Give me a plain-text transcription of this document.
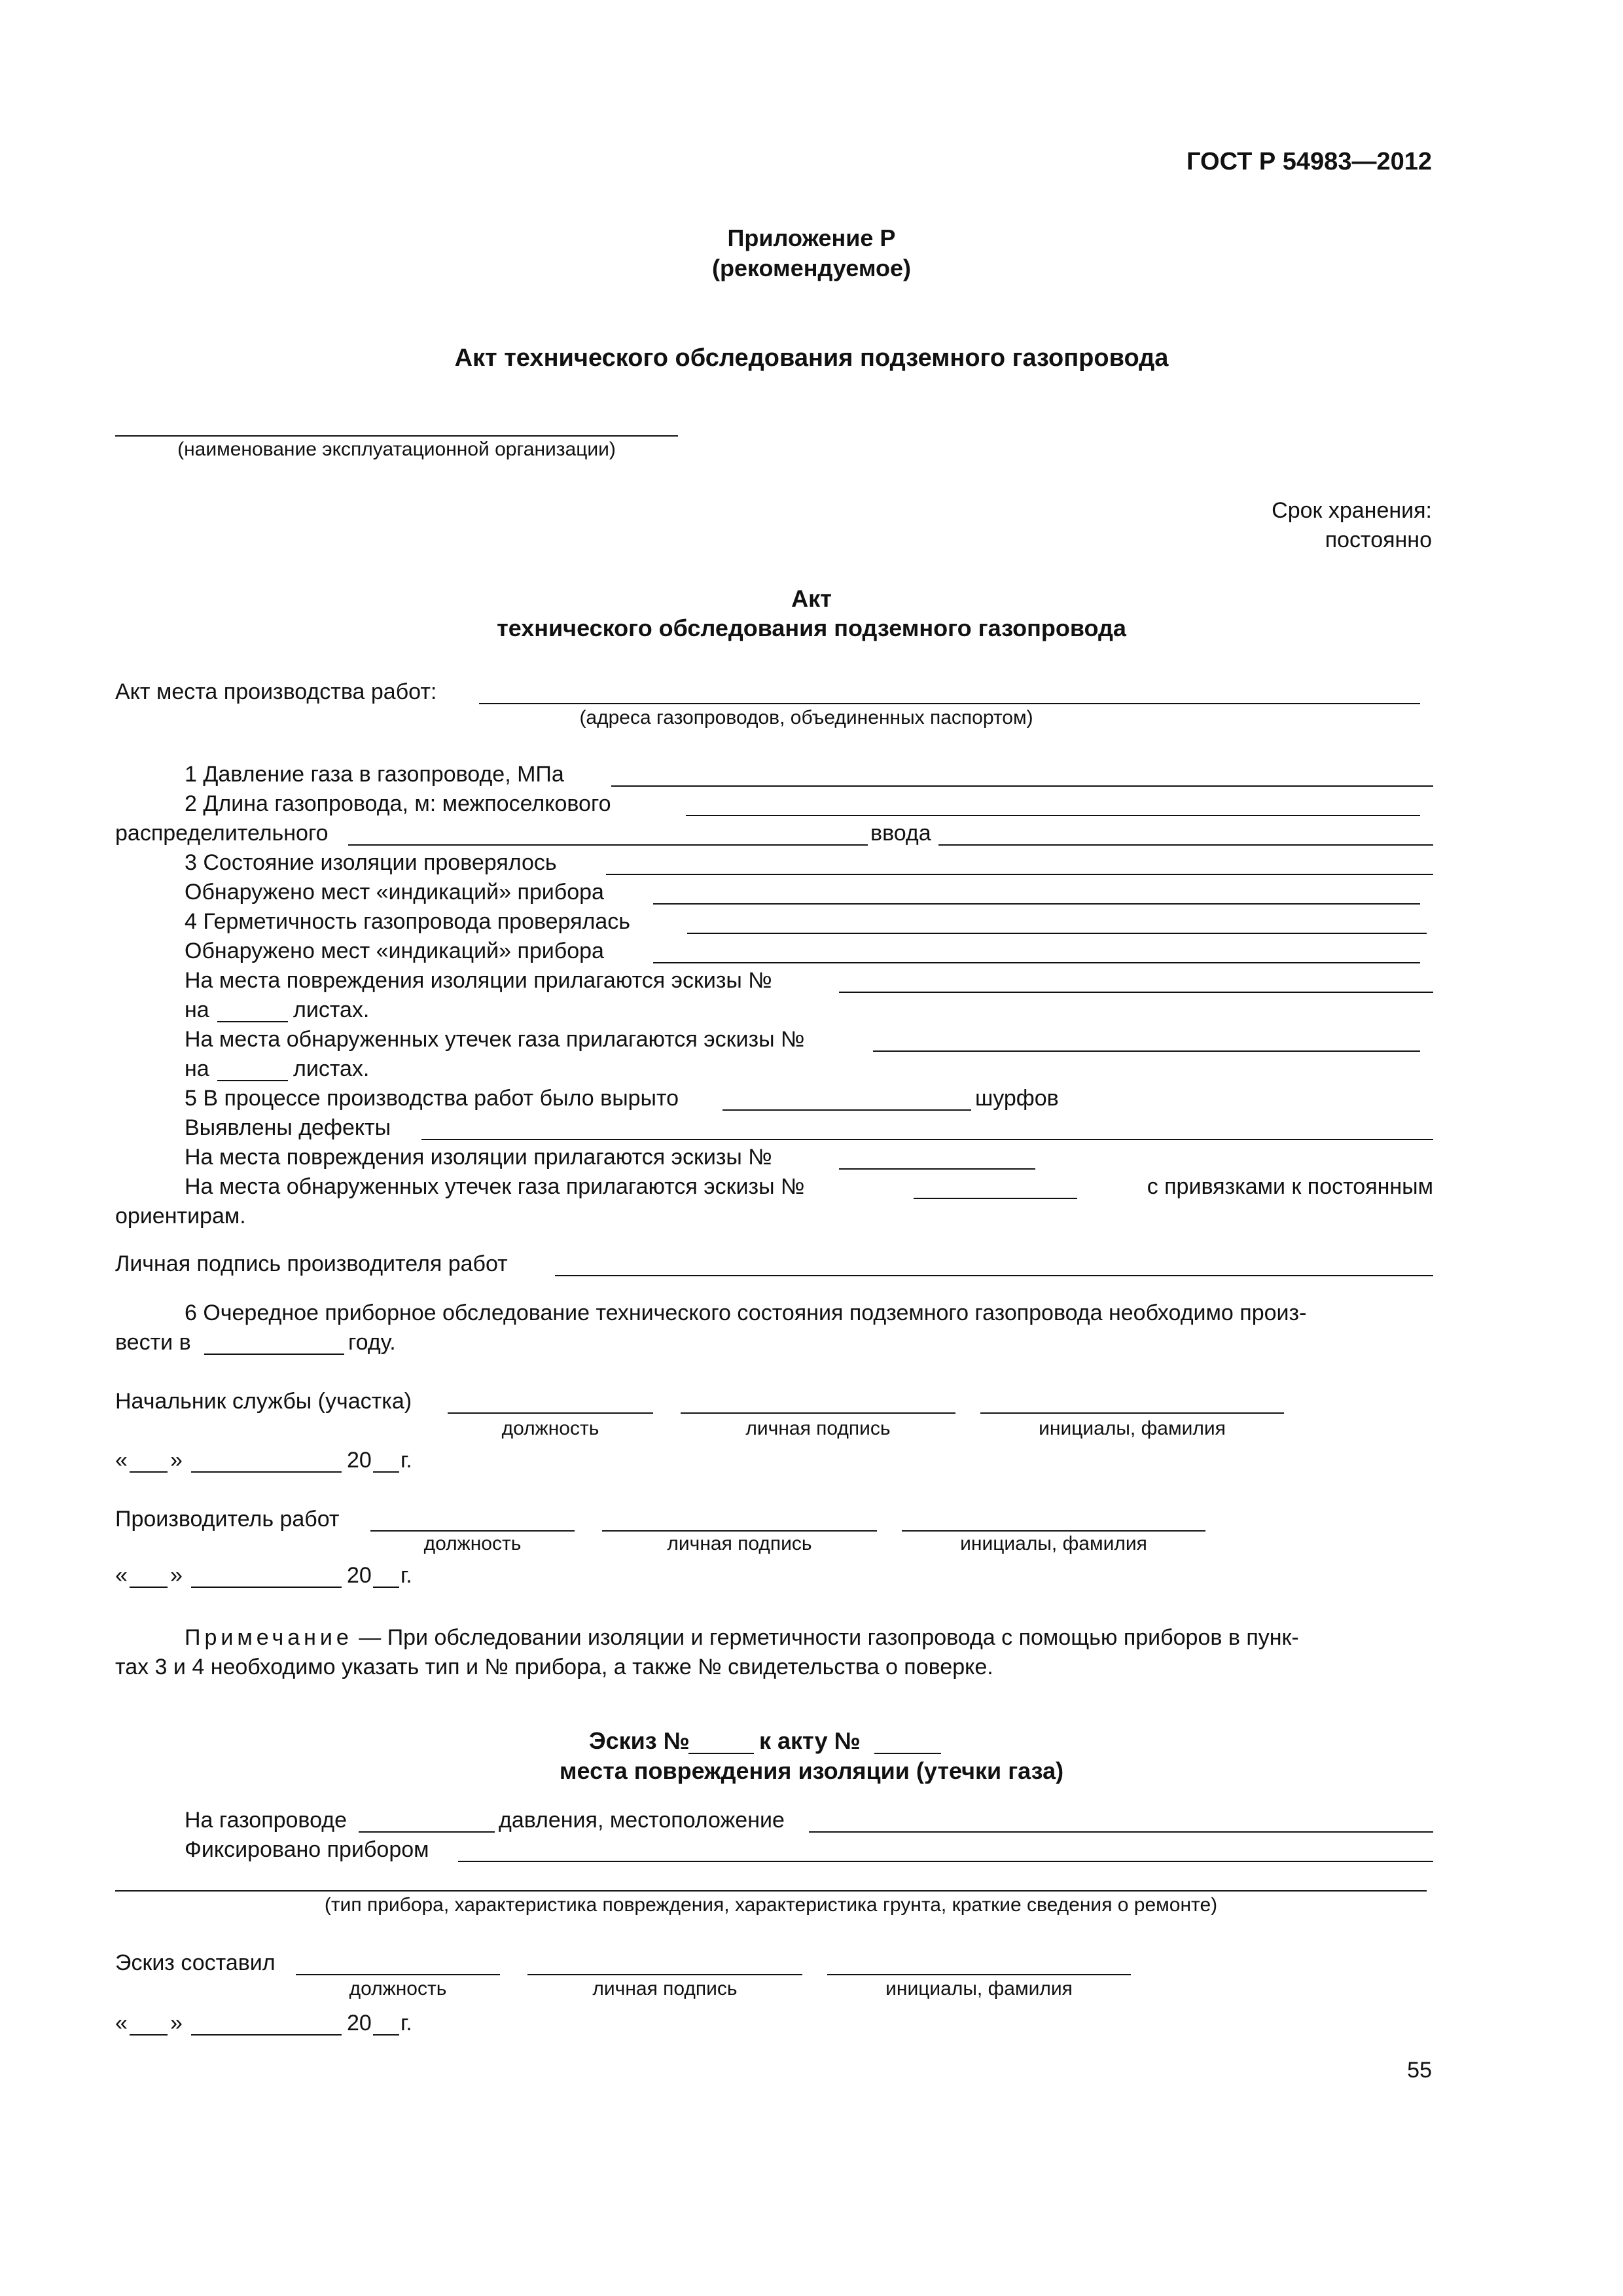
ГОСТ Р 54983—2012
Приложение Р
(рекомендуемое)
Акт технического обследования подземного газопровода
(наименование эксплуатационной организации)
Срок хранения:
постоянно
Акт
технического обследования подземного газопровода
Акт места производства работ:
(адреса газопроводов, объединенных паспортом)
1 Давление газа в газопроводе, МПа
2 Длина газопровода, м: межпоселкового
распределительного	ввода
3 Состояние изоляции проверялось
Обнаружено мест «индикаций» прибора
4 Герметичность газопровода проверялась
Обнаружено мест «индикаций» прибора
На места повреждения изоляции прилагаются эскизы №
на	листах.
На места обнаруженных утечек газа прилагаются эскизы №
на	листах.
5 В процессе производства работ было вырыто	шурфов
Выявлены дефекты
На места повреждения изоляции прилагаются эскизы №
На места обнаруженных утечек газа прилагаются эскизы №	с привязками к постоянным
ориентирам.
Личная подпись производителя работ
6 Очередное приборное обследование технического состояния подземного газопровода необходимо произ-
вести в	году.
Начальник службы (участка)
должность	личная подпись	инициалы, фамилия
« »	20 г.
Производитель работ
должность	личная подпись	инициалы, фамилия
« »	20 г.
Примечание — При обследовании изоляции и герметичности газопровода с помощью приборов в пунк-
тах 3 и 4 необходимо указать тип и № прибора, а также № свидетельства о поверке.
Эскиз №	к акту №
места повреждения изоляции (утечки газа)
На газопроводе	давления, местоположение
Фиксировано прибором
(тип прибора, характеристика повреждения, характеристика грунта, краткие сведения о ремонте)
Эскиз составил
должность	личная подпись	инициалы, фамилия
« »	20 г.
55
